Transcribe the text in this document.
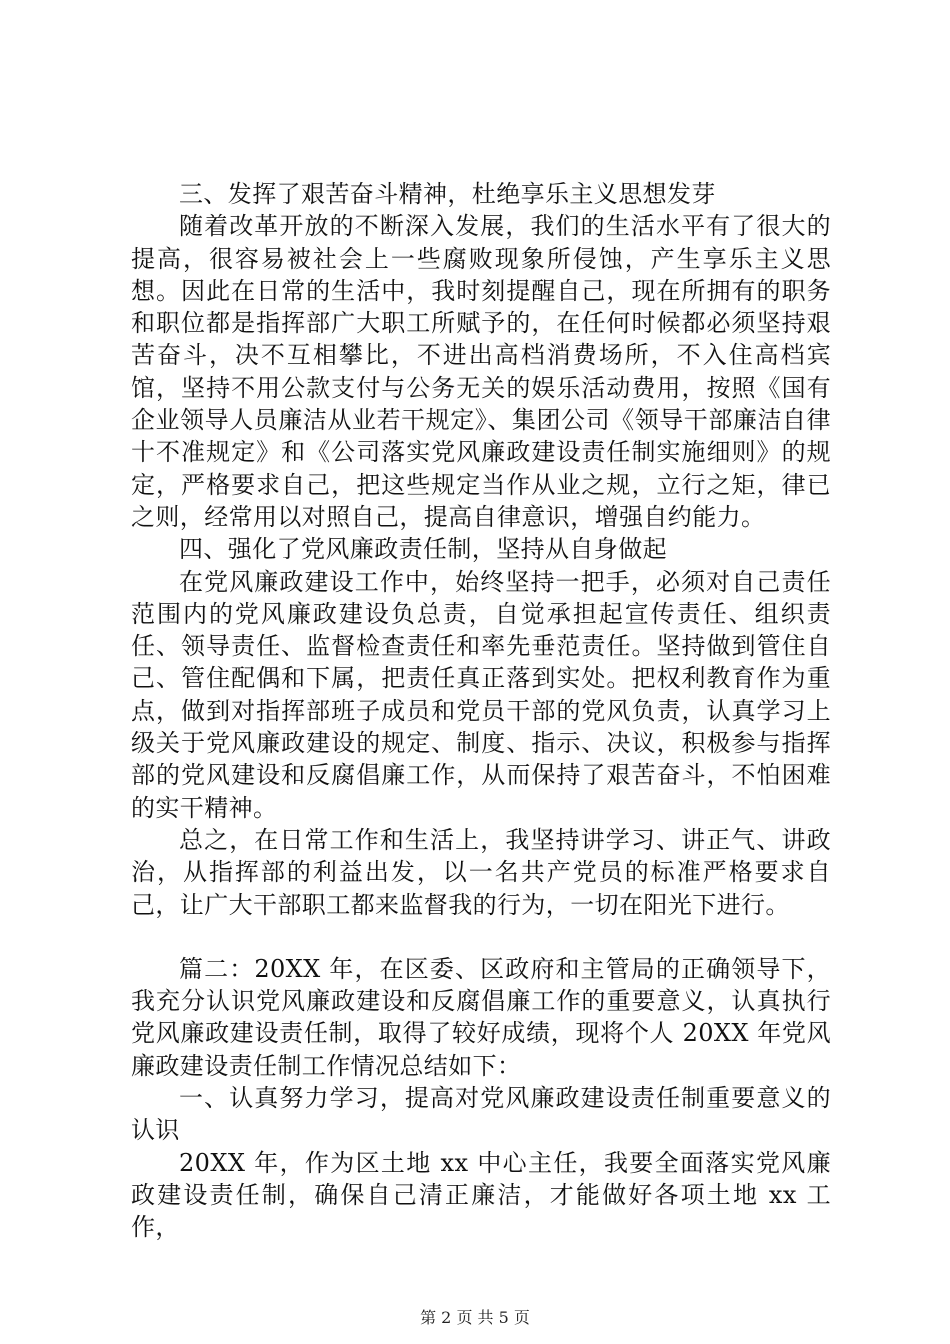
三、发挥了艰苦奋斗精神，杜绝享乐主义思想发芽

随着改革开放的不断深入发展，我们的生活水平有了很大的提高，很容易被社会上一些腐败现象所侵蚀，产生享乐主义思想。因此在日常的生活中，我时刻提醒自己，现在所拥有的职务和职位都是指挥部广大职工所赋予的，在任何时候都必须坚持艰苦奋斗，决不互相攀比，不进出高档消费场所，不入住高档宾馆，坚持不用公款支付与公务无关的娱乐活动费用，按照《国有企业领导人员廉洁从业若干规定》、集团公司《领导干部廉洁自律十不准规定》和《公司落实党风廉政建设责任制实施细则》的规定，严格要求自己，把这些规定当作从业之规，立行之矩，律已之则，经常用以对照自己，提高自律意识，增强自约能力。

四、强化了党风廉政责任制，坚持从自身做起

在党风廉政建设工作中，始终坚持一把手，必须对自己责任范围内的党风廉政建设负总责，自觉承担起宣传责任、组织责任、领导责任、监督检查责任和率先垂范责任。坚持做到管住自己、管住配偶和下属，把责任真正落到实处。把权利教育作为重点，做到对指挥部班子成员和党员干部的党风负责，认真学习上级关于党风廉政建设的规定、制度、指示、决议，积极参与指挥部的党风建设和反腐倡廉工作，从而保持了艰苦奋斗，不怕困难的实干精神。

总之，在日常工作和生活上，我坚持讲学习、讲正气、讲政治，从指挥部的利益出发，以一名共产党员的标准严格要求自己，让广大干部职工都来监督我的行为，一切在阳光下进行。

篇二：20XX 年，在区委、区政府和主管局的正确领导下，我充分认识党风廉政建设和反腐倡廉工作的重要意义，认真执行党风廉政建设责任制，取得了较好成绩，现将个人 20XX 年党风廉政建设责任制工作情况总结如下：

一、认真努力学习，提高对党风廉政建设责任制重要意义的认识

20XX 年，作为区土地 xx 中心主任，我要全面落实党风廉政建设责任制，确保自己清正廉洁，才能做好各项土地 xx 工作，

第 2 页 共 5 页
